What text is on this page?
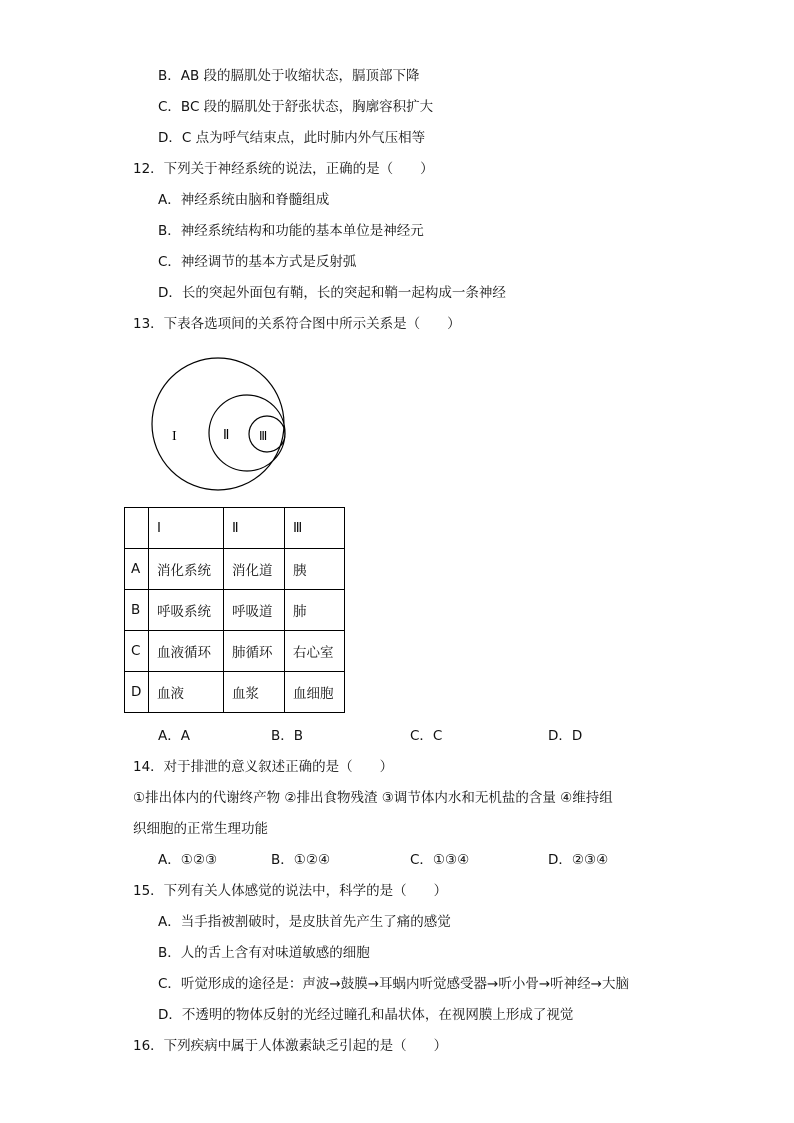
B．AB 段的膈肌处于收缩状态，膈顶部下降
C．BC 段的膈肌处于舒张状态，胸廓容积扩大
D．C 点为呼气结束点，此时肺内外气压相等
12．下列关于神经系统的说法，正确的是（　　）
A．神经系统由脑和脊髓组成
B．神经系统结构和功能的基本单位是神经元
C．神经调节的基本方式是反射弧
D．长的突起外面包有鞘，长的突起和鞘一起构成一条神经
13．下表各选项间的关系符合图中所示关系是（　　）
I	Ⅱ Ⅲ
	I	Ⅱ	Ⅲ
A	消化系统	消化道	胰
B	呼吸系统	呼吸道	肺
C	血液循环	肺循环	右心室
D	血液	血浆	血细胞
A．A	B．B	C．C	D．D
14．对于排泄的意义叙述正确的是（　　）
①排出体内的代谢终产物 ②排出食物残渣 ③调节体内水和无机盐的含量 ④维持组
织细胞的正常生理功能
A．①②③	B．①②④	C．①③④	D．②③④
15．下列有关人体感觉的说法中，科学的是（　　）
A．当手指被割破时，是皮肤首先产生了痛的感觉
B．人的舌上含有对味道敏感的细胞
C．听觉形成的途径是：声波→鼓膜→耳蜗内听觉感受器→听小骨→听神经→大脑
D．不透明的物体反射的光经过瞳孔和晶状体，在视网膜上形成了视觉
16．下列疾病中属于人体激素缺乏引起的是（　　）
